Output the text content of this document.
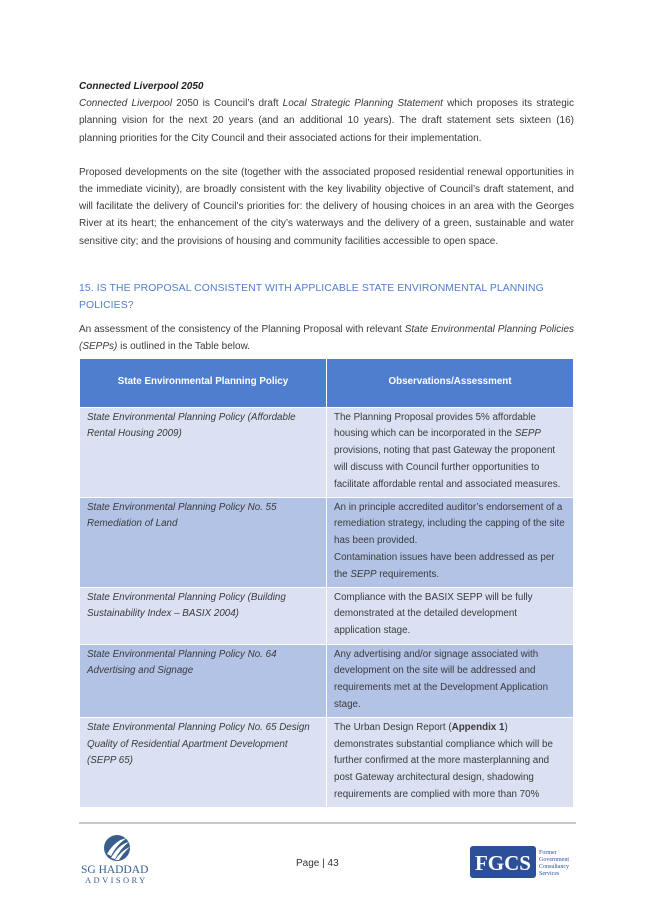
Connected Liverpool 2050

Connected Liverpool 2050 is Council’s draft Local Strategic Planning Statement which proposes its strategic planning vision for the next 20 years (and an additional 10 years). The draft statement sets sixteen (16) planning priorities for the City Council and their associated actions for their implementation.

Proposed developments on the site (together with the associated proposed residential renewal opportunities in the immediate vicinity), are broadly consistent with the key livability objective of Council’s draft statement, and will facilitate the delivery of Council’s priorities for: the delivery of housing choices in an area with the Georges River at its heart; the enhancement of the city’s waterways and the delivery of a green, sustainable and water sensitive city; and the provisions of housing and community facilities accessible to open space.

15. IS THE PROPOSAL CONSISTENT WITH APPLICABLE STATE ENVIRONMENTAL PLANNING POLICIES?

An assessment of the consistency of the Planning Proposal with relevant State Environmental Planning Policies (SEPPs) is outlined in the Table below.

State Environmental Planning Policy	Observations/Assessment
State Environmental Planning Policy (Affordable Rental Housing 2009)	The Planning Proposal provides 5% affordable housing which can be incorporated in the SEPP provisions, noting that past Gateway the proponent will discuss with Council further opportunities to facilitate affordable rental and associated measures.
State Environmental Planning Policy No. 55 Remediation of Land	An in principle accredited auditor’s endorsement of a remediation strategy, including the capping of the site has been provided.
Contamination issues have been addressed as per the SEPP requirements.
State Environmental Planning Policy (Building Sustainability Index – BASIX 2004)	Compliance with the BASIX SEPP will be fully demonstrated at the detailed development application stage.
State Environmental Planning Policy No. 64 Advertising and Signage	Any advertising and/or signage associated with development on the site will be addressed and requirements met at the Development Application stage.
State Environmental Planning Policy No. 65 Design Quality of Residential Apartment Development (SEPP 65)	The Urban Design Report (Appendix 1) demonstrates substantial compliance which will be further confirmed at the more masterplanning and post Gateway architectural design, shadowing requirements are complied with more than 70%
SG HADDAD
ADVISORY
Page | 43	FGCS Former
Government
Consultancy
Services
